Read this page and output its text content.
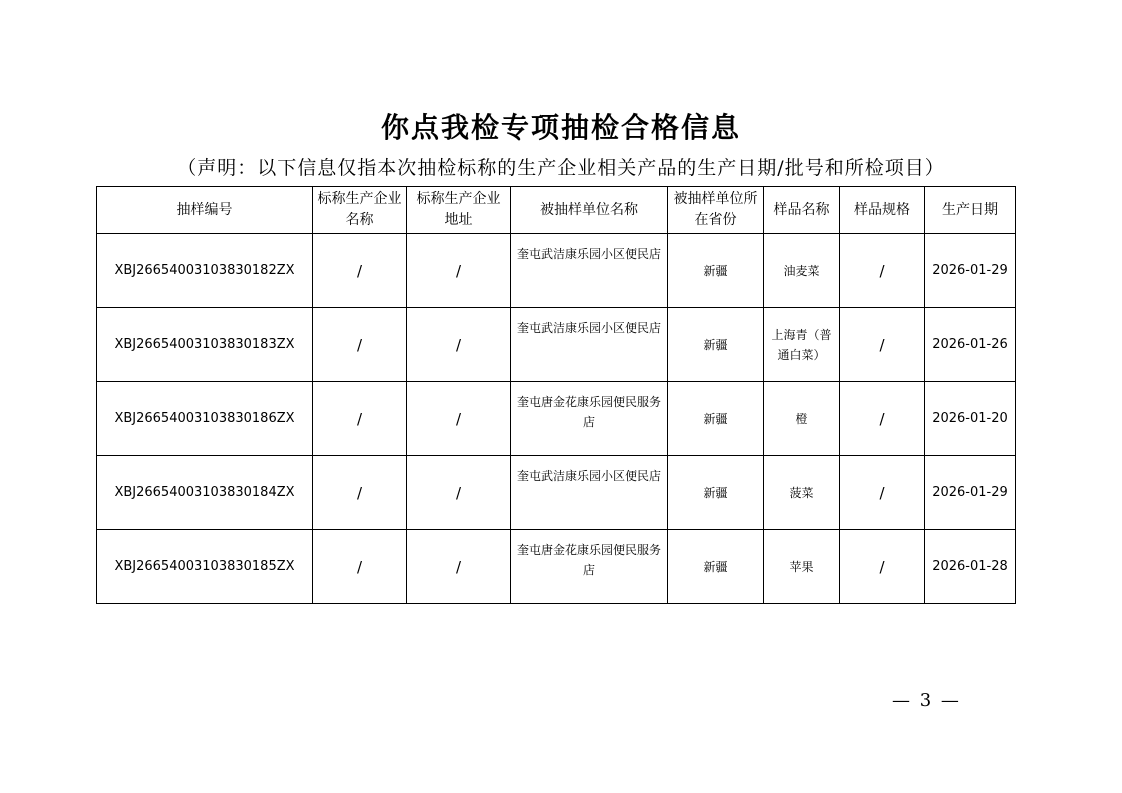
你点我检专项抽检合格信息
（声明：以下信息仅指本次抽检标称的生产企业相关产品的生产日期/批号和所检项目）
抽样编号	标称生产企业名称	标称生产企业地址	被抽样单位名称	被抽样单位所在省份	样品名称	样品规格	生产日期
XBJ26654003103830182ZX	/	/	奎屯武洁康乐园小区便民店	新疆	油麦菜	/	2026-01-29
XBJ26654003103830183ZX	/	/	奎屯武洁康乐园小区便民店	新疆	上海青（普通白菜）	/	2026-01-26
XBJ26654003103830186ZX	/	/	奎屯唐金花康乐园便民服务店	新疆	橙	/	2026-01-20
XBJ26654003103830184ZX	/	/	奎屯武洁康乐园小区便民店	新疆	菠菜	/	2026-01-29
XBJ26654003103830185ZX	/	/	奎屯唐金花康乐园便民服务店	新疆	苹果	/	2026-01-28
— 3 —
